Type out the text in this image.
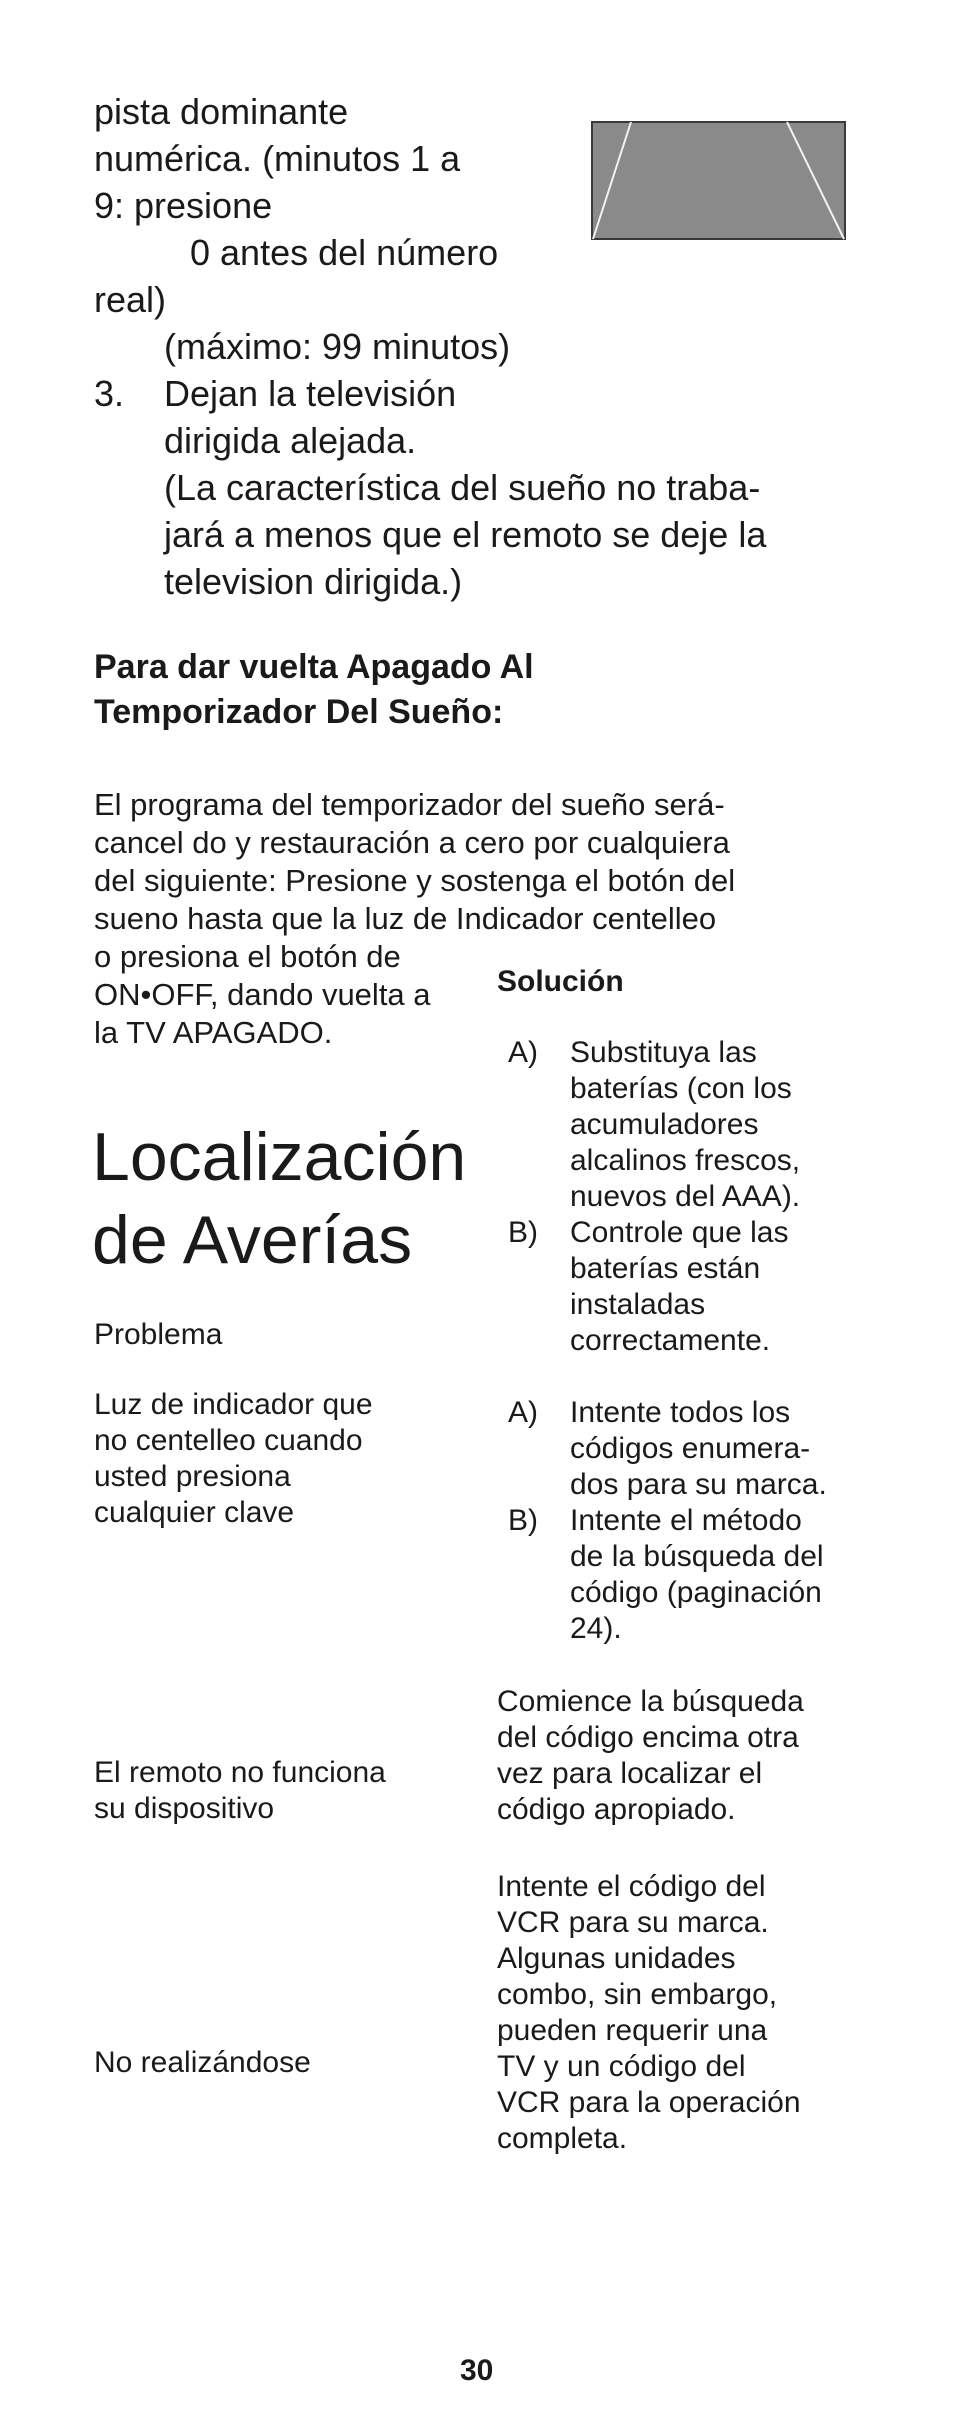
pista dominante
numérica. (minutos 1 a
9: presione
0 antes del número
real)
(máximo: 99 minutos)
3. Dejan la televisión
dirigida alejada.
(La característica del sueño no traba-
jará a menos que el remoto se deje la
television dirigida.)
Para dar vuelta Apagado Al
Temporizador Del Sueño:
El programa del temporizador del sueño será-
cancel do y restauración a cero por cualquiera
del siguiente: Presione y sostenga el botón del
sueno hasta que la luz de Indicador centelleo
o presiona el botón de
ON•OFF, dando vuelta a
la TV APAGADO.
Localización
de Averías
Problema
Solución
A) Substituya las
baterías (con los
acumuladores
alcalinos frescos,
nuevos del AAA).
B) Controle que las
baterías están
instaladas
correctamente.
Luz de indicador que
no centelleo cuando
usted presiona
cualquier clave
A) Intente todos los
códigos enumera-
dos para su marca.
B) Intente el método
de la búsqueda del
código (paginación
24).
El remoto no funciona
su dispositivo
Comience la búsqueda
del código encima otra
vez para localizar el
código apropiado.
No realizándose
Intente el código del
VCR para su marca.
Algunas unidades
combo, sin embargo,
pueden requerir una
TV y un código del
VCR para la operación
completa.
30
